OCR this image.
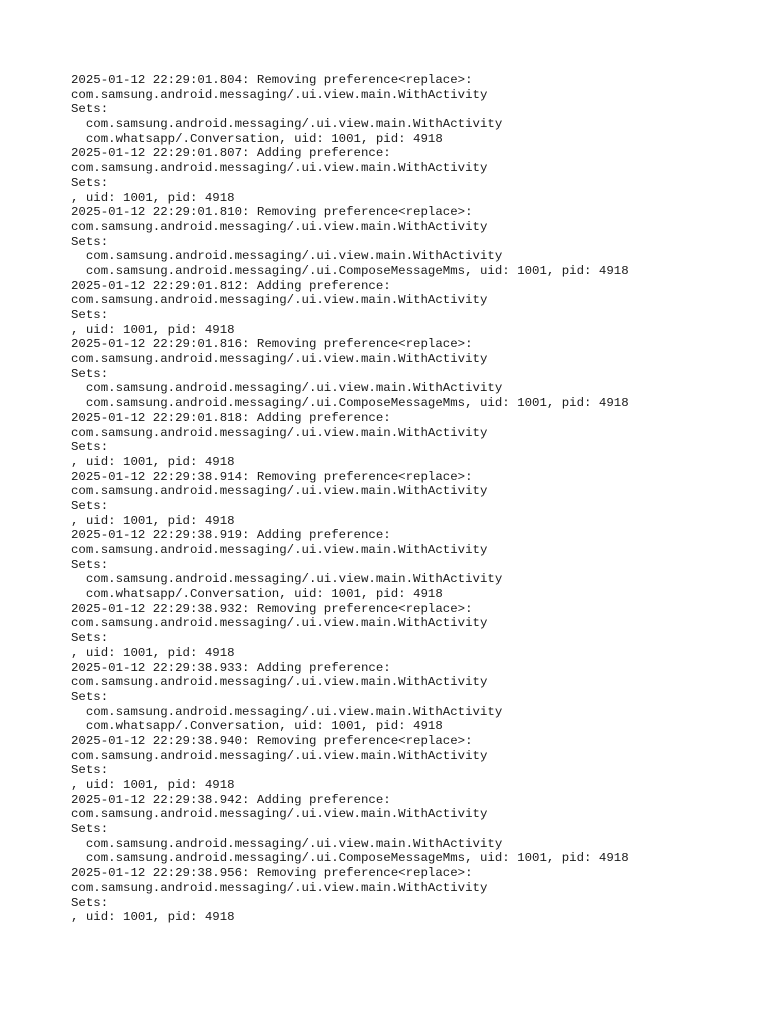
2025-01-12 22:29:01.804: Removing preference<replace>:
com.samsung.android.messaging/.ui.view.main.WithActivity
Sets:
com.samsung.android.messaging/.ui.view.main.WithActivity
com.whatsapp/.Conversation, uid: 1001, pid: 4918
2025-01-12 22:29:01.807: Adding preference:
com.samsung.android.messaging/.ui.view.main.WithActivity
Sets:
, uid: 1001, pid: 4918
2025-01-12 22:29:01.810: Removing preference<replace>:
com.samsung.android.messaging/.ui.view.main.WithActivity
Sets:
com.samsung.android.messaging/.ui.view.main.WithActivity
com.samsung.android.messaging/.ui.ComposeMessageMms, uid: 1001, pid: 4918
2025-01-12 22:29:01.812: Adding preference:
com.samsung.android.messaging/.ui.view.main.WithActivity
Sets:
, uid: 1001, pid: 4918
2025-01-12 22:29:01.816: Removing preference<replace>:
com.samsung.android.messaging/.ui.view.main.WithActivity
Sets:
com.samsung.android.messaging/.ui.view.main.WithActivity
com.samsung.android.messaging/.ui.ComposeMessageMms, uid: 1001, pid: 4918
2025-01-12 22:29:01.818: Adding preference:
com.samsung.android.messaging/.ui.view.main.WithActivity
Sets:
, uid: 1001, pid: 4918
2025-01-12 22:29:38.914: Removing preference<replace>:
com.samsung.android.messaging/.ui.view.main.WithActivity
Sets:
, uid: 1001, pid: 4918
2025-01-12 22:29:38.919: Adding preference:
com.samsung.android.messaging/.ui.view.main.WithActivity
Sets:
com.samsung.android.messaging/.ui.view.main.WithActivity
com.whatsapp/.Conversation, uid: 1001, pid: 4918
2025-01-12 22:29:38.932: Removing preference<replace>:
com.samsung.android.messaging/.ui.view.main.WithActivity
Sets:
, uid: 1001, pid: 4918
2025-01-12 22:29:38.933: Adding preference:
com.samsung.android.messaging/.ui.view.main.WithActivity
Sets:
com.samsung.android.messaging/.ui.view.main.WithActivity
com.whatsapp/.Conversation, uid: 1001, pid: 4918
2025-01-12 22:29:38.940: Removing preference<replace>:
com.samsung.android.messaging/.ui.view.main.WithActivity
Sets:
, uid: 1001, pid: 4918
2025-01-12 22:29:38.942: Adding preference:
com.samsung.android.messaging/.ui.view.main.WithActivity
Sets:
com.samsung.android.messaging/.ui.view.main.WithActivity
com.samsung.android.messaging/.ui.ComposeMessageMms, uid: 1001, pid: 4918
2025-01-12 22:29:38.956: Removing preference<replace>:
com.samsung.android.messaging/.ui.view.main.WithActivity
Sets:
, uid: 1001, pid: 4918
